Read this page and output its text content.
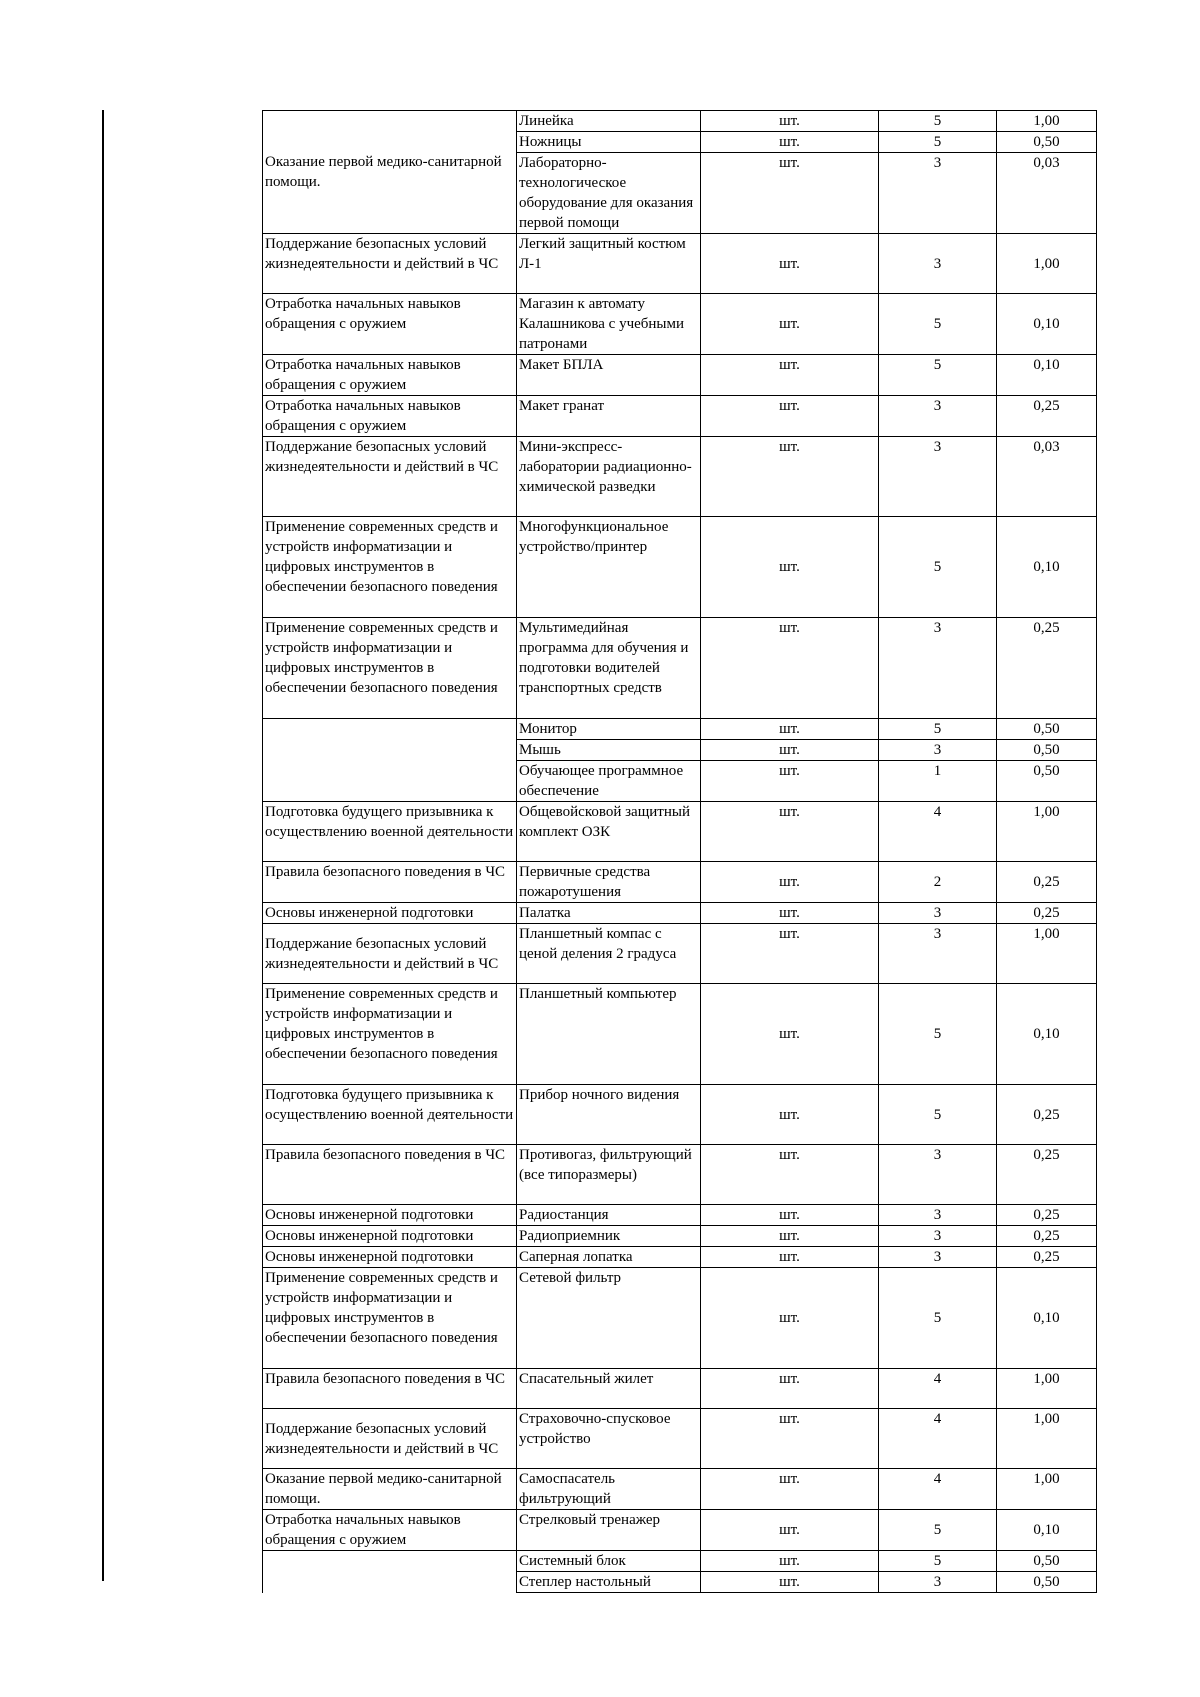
Оказание первой медико-санитарной помощи.	Линейка	шт.	5	1,00
	Ножницы	шт.	5	0,50
	Лабораторно-технологическое оборудование для оказания первой помощи	шт.	3	0,03
Поддержание безопасных условий жизнедеятельности и действий в ЧС	Легкий защитный костюм Л-1	шт.	3	1,00
Отработка начальных навыков обращения с оружием	Магазин к автомату Калашникова с учебными патронами	шт.	5	0,10
Отработка начальных навыков обращения с оружием	Макет БПЛА	шт.	5	0,10
Отработка начальных навыков обращения с оружием	Макет гранат	шт.	3	0,25
Поддержание безопасных условий жизнедеятельности и действий в ЧС	Мини-экспресс-лаборатории радиационно-химической разведки	шт.	3	0,03
Применение современных средств и устройств информатизации и цифровых инструментов в обеспечении безопасного поведения	Многофункциональное устройство/принтер	шт.	5	0,10
Применение современных средств и устройств информатизации и цифровых инструментов в обеспечении безопасного поведения	Мультимедийная программа для обучения и подготовки водителей транспортных средств	шт.	3	0,25
	Монитор	шт.	5	0,50
	Мышь	шт.	3	0,50
	Обучающее программное обеспечение	шт.	1	0,50
Подготовка будущего призывника к осуществлению военной деятельности	Общевойсковой защитный комплект ОЗК	шт.	4	1,00
Правила безопасного поведения в ЧС	Первичные средства пожаротушения	шт.	2	0,25
Основы инженерной подготовки	Палатка	шт.	3	0,25
Поддержание безопасных условий жизнедеятельности и действий в ЧС	Планшетный компас с ценой деления 2 градуса	шт.	3	1,00
Применение современных средств и устройств информатизации и цифровых инструментов в обеспечении безопасного поведения	Планшетный компьютер	шт.	5	0,10
Подготовка будущего призывника к осуществлению военной деятельности	Прибор ночного видения	шт.	5	0,25
Правила безопасного поведения в ЧС	Противогаз, фильтрующий (все типоразмеры)	шт.	3	0,25
Основы инженерной подготовки	Радиостанция	шт.	3	0,25
Основы инженерной подготовки	Радиоприемник	шт.	3	0,25
Основы инженерной подготовки	Саперная лопатка	шт.	3	0,25
Применение современных средств и устройств информатизации и цифровых инструментов в обеспечении безопасного поведения	Сетевой фильтр	шт.	5	0,10
Правила безопасного поведения в ЧС	Спасательный жилет	шт.	4	1,00
Поддержание безопасных условий жизнедеятельности и действий в ЧС	Страховочно-спусковое устройство	шт.	4	1,00
Оказание первой медико-санитарной помощи.	Самоспасатель фильтрующий	шт.	4	1,00
Отработка начальных навыков обращения с оружием	Стрелковый тренажер	шт.	5	0,10
	Системный блок	шт.	5	0,50
	Степлер настольный	шт.	3	0,50
